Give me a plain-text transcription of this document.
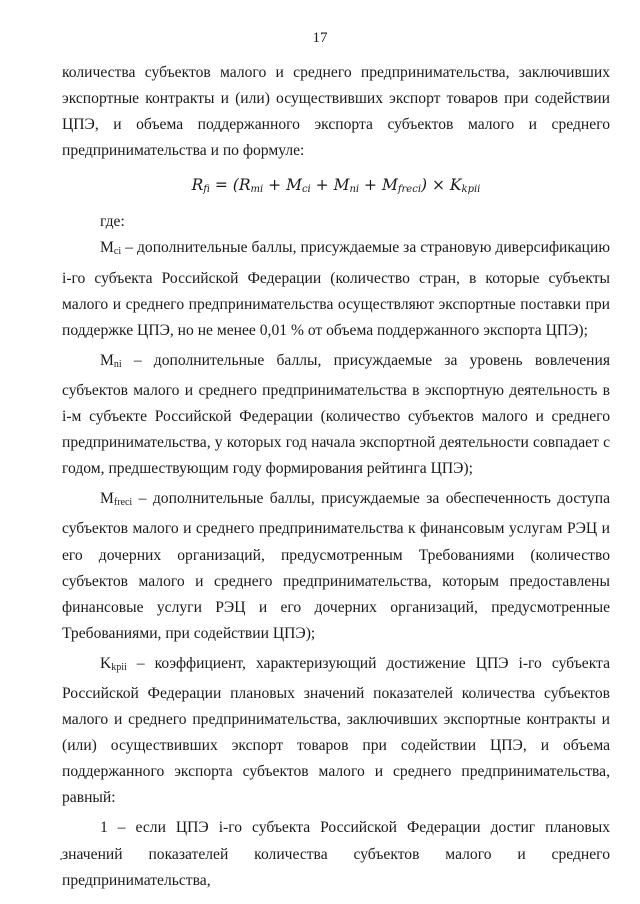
17

количества субъектов малого и среднего предпринимательства, заключивших экспортные контракты и (или) осуществивших экспорт товаров при содействии ЦПЭ, и объема поддержанного экспорта субъектов малого и среднего предпринимательства и по формуле:

Rfi = (Rmi + Mci + Mni + Mfreci) × Kkpii

где:

Mci – дополнительные баллы, присуждаемые за страновую диверсификацию i-го субъекта Российской Федерации (количество стран, в которые субъекты малого и среднего предпринимательства осуществляют экспортные поставки при поддержке ЦПЭ, но не менее 0,01 % от объема поддержанного экспорта ЦПЭ);

Mni – дополнительные баллы, присуждаемые за уровень вовлечения субъектов малого и среднего предпринимательства в экспортную деятельность в i-м субъекте Российской Федерации (количество субъектов малого и среднего предпринимательства, у которых год начала экспортной деятельности совпадает с годом, предшествующим году формирования рейтинга ЦПЭ);

Mfreci – дополнительные баллы, присуждаемые за обеспеченность доступа субъектов малого и среднего предпринимательства к финансовым услугам РЭЦ и его дочерних организаций, предусмотренным Требованиями (количество субъектов малого и среднего предпринимательства, которым предоставлены финансовые услуги РЭЦ и его дочерних организаций, предусмотренные Требованиями, при содействии ЦПЭ);

Kkpii – коэффициент, характеризующий достижение ЦПЭ i-го субъекта Российской Федерации плановых значений показателей количества субъектов малого и среднего предпринимательства, заключивших экспортные контракты и (или) осуществивших экспорт товаров при содействии ЦПЭ, и объема поддержанного экспорта субъектов малого и среднего предпринимательства, равный:

1 – если ЦПЭ i-го субъекта Российской Федерации достиг плановых значений показателей количества субъектов малого и среднего предпринимательства,
